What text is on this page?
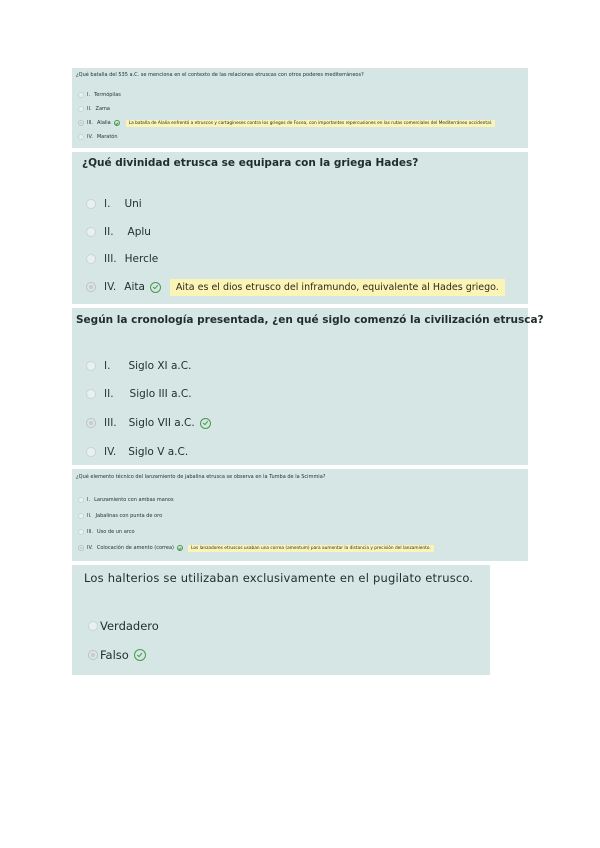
¿Qué batalla del 535 a.C. se menciona en el contexto de las relaciones etruscas con otros poderes mediterráneos?
I. Termópilas
II. Zama
III. Alalia	La batalla de Alalia enfrentó a etruscos y cartagineses contra los griegos de Focea, con importantes repercusiones en las rutas comerciales del Mediterráneo occidental.
IV. Maratón
¿Qué divinidad etrusca se equipara con la griega Hades?
I. Uni
II. Aplu
III. Hercle
IV. Aita	Aita es el dios etrusco del inframundo, equivalente al Hades griego.
Según la cronología presentada, ¿en qué siglo comenzó la civilización etrusca?
I. Siglo XI a.C.
II. Siglo III a.C.
III. Siglo VII a.C.
IV. Siglo V a.C.
¿Qué elemento técnico del lanzamiento de jabalina etrusca se observa en la Tumba de la Scimmia?
I. Lanzamiento con ambas manos
II. Jabalinas con punta de oro
III. Uso de un arco
IV. Colocación de amento (correa)	Los lanzadores etruscos usaban una correa (amentum) para aumentar la distancia y precisión del lanzamiento.
Los halterios se utilizaban exclusivamente en el pugilato etrusco.
Verdadero
Falso
